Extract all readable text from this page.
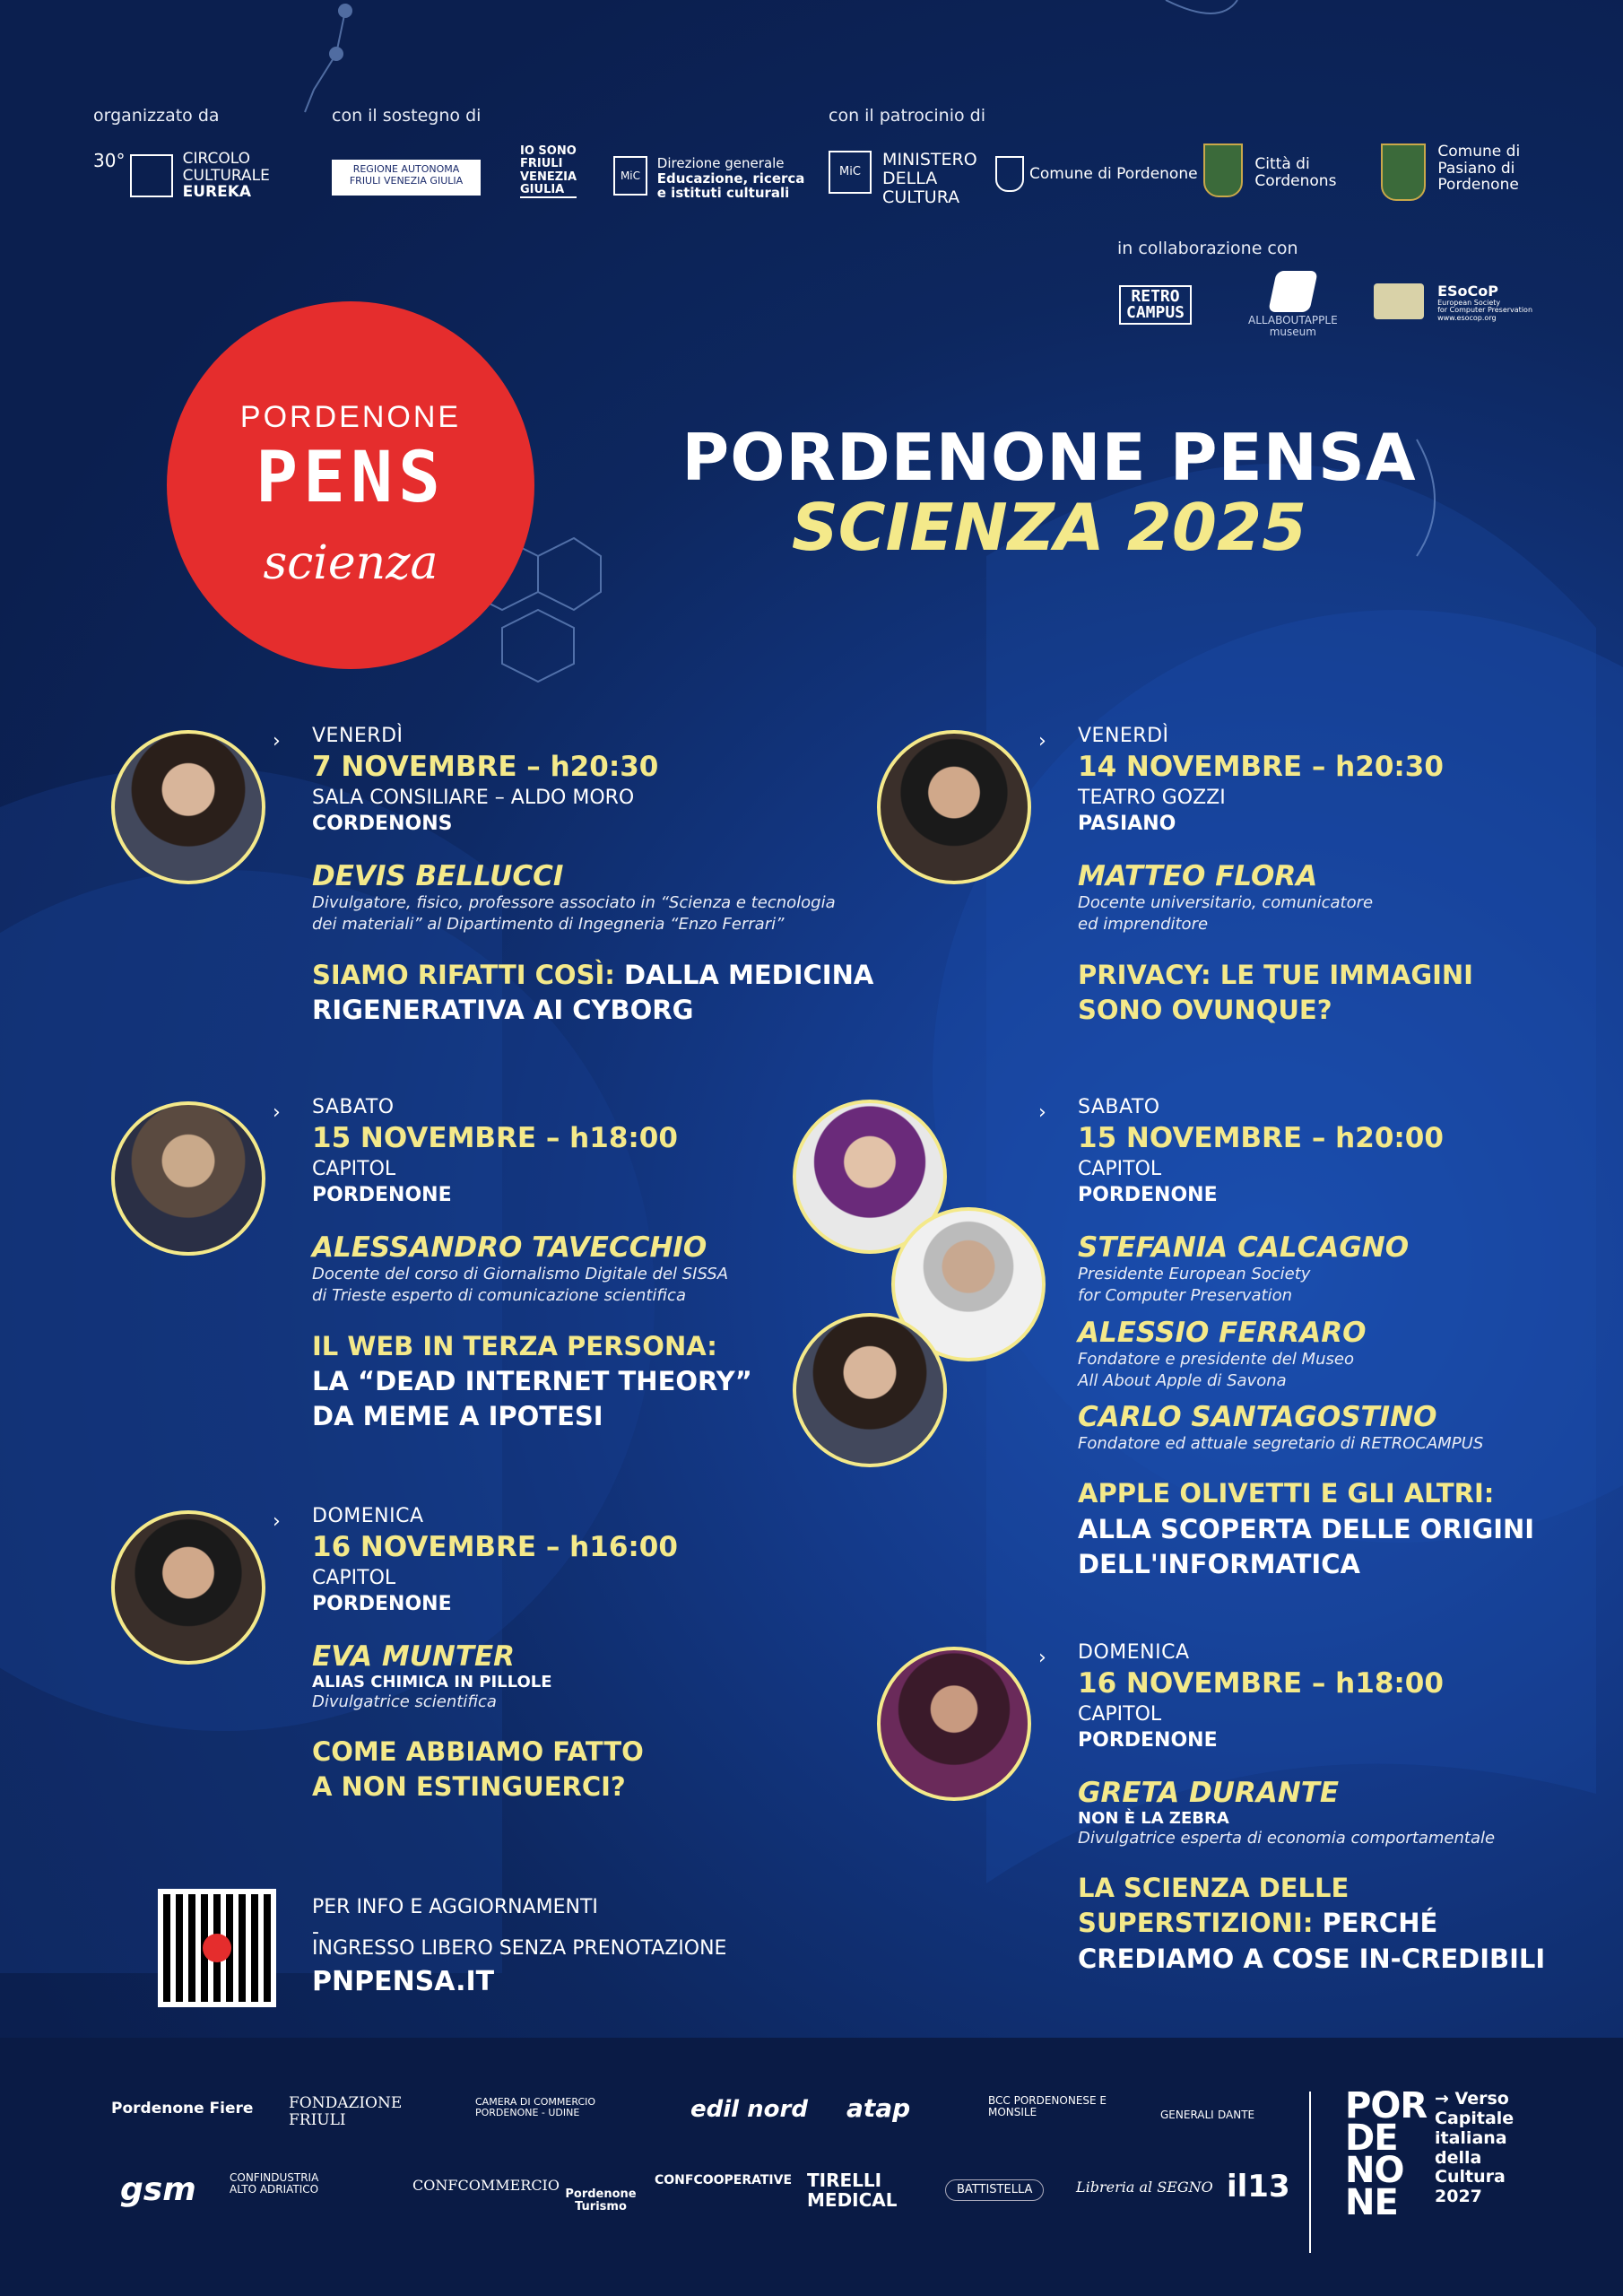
organizzato da	con il sostegno di	con il patrocinio di
30°	CIRCOLO
CULTURALE
EUREKA
REGIONE AUTONOMA
FRIULI VENEZIA GIULIA
IO SONO
FRIULI
VENEZIA
GIULIA
MiC Direzione generale
Educazione, ricerca
e istituti culturali
MiC MINISTERO
DELLA
CULTURA
Comune di Pordenone
Città di
Cordenons
Comune di
Pasiano di
Pordenone
in collaborazione con
RETRO
CAMPUS	ALLABOUTAPPLE
museum
ESoCoP
European Society
for Computer Preservation
www.esocop.org
PORDENONE
PENS
scienza
PORDENONE PENSA
SCIENZA 2025
› VENERDÌ
7 NOVEMBRE – h20:30
SALA CONSILIARE – ALDO MORO
CORDENONS
DEVIS BELLUCCI
Divulgatore, fisico, professore associato in “Scienza e tecnologia
dei materiali” al Dipartimento di Ingegneria “Enzo Ferrari”
SIAMO RIFATTI COSÌ: DALLA MEDICINA
RIGENERATIVA AI CYBORG
› VENERDÌ
14 NOVEMBRE – h20:30
TEATRO GOZZI
PASIANO
MATTEO FLORA
Docente universitario, comunicatore
ed imprenditore
PRIVACY: LE TUE IMMAGINI
SONO OVUNQUE?
› SABATO
15 NOVEMBRE – h18:00
CAPITOL
PORDENONE
ALESSANDRO TAVECCHIO
Docente del corso di Giornalismo Digitale del SISSA
di Trieste esperto di comunicazione scientifica
IL WEB IN TERZA PERSONA:
LA “DEAD INTERNET THEORY”
DA MEME A IPOTESI
› SABATO
15 NOVEMBRE – h20:00
CAPITOL
PORDENONE
STEFANIA CALCAGNO
Presidente European Society
for Computer Preservation
ALESSIO FERRARO
Fondatore e presidente del Museo
All About Apple di Savona
CARLO SANTAGOSTINO
Fondatore ed attuale segretario di RETROCAMPUS
APPLE OLIVETTI E GLI ALTRI:
ALLA SCOPERTA DELLE ORIGINI
DELL'INFORMATICA
› DOMENICA
16 NOVEMBRE – h16:00
CAPITOL
PORDENONE
EVA MUNTER
ALIAS CHIMICA IN PILLOLE
Divulgatrice scientifica
COME ABBIAMO FATTO
A NON ESTINGUERCI?
› DOMENICA
16 NOVEMBRE – h18:00
CAPITOL
PORDENONE
GRETA DURANTE
NON È LA ZEBRA
Divulgatrice esperta di economia comportamentale
LA SCIENZA DELLE
SUPERSTIZIONI: PERCHÉ
CREDIAMO A COSE IN-CREDIBILI
PER INFO E AGGIORNAMENTI
-
INGRESSO LIBERO SENZA PRENOTAZIONE
PNPENSA.IT
Pordenone Fiere FONDAZIONE FRIULI
CAMERA DI COMMERCIO PORDENONE - UDINE	edil nord atap	BCC PORDENONESE E MONSILE	GENERALI DANTE
gsm	CONFINDUSTRIA ALTO ADRIATICO	CONFCOMMERCIO
Pordenone Turismo
CONFCOOPERATIVE TIRELLI MEDICAL	BATTISTELLA	Libreria al SEGNO il13
POR
DE
NO
NE
→ Verso
Capitale
italiana
della
Cultura
2027
